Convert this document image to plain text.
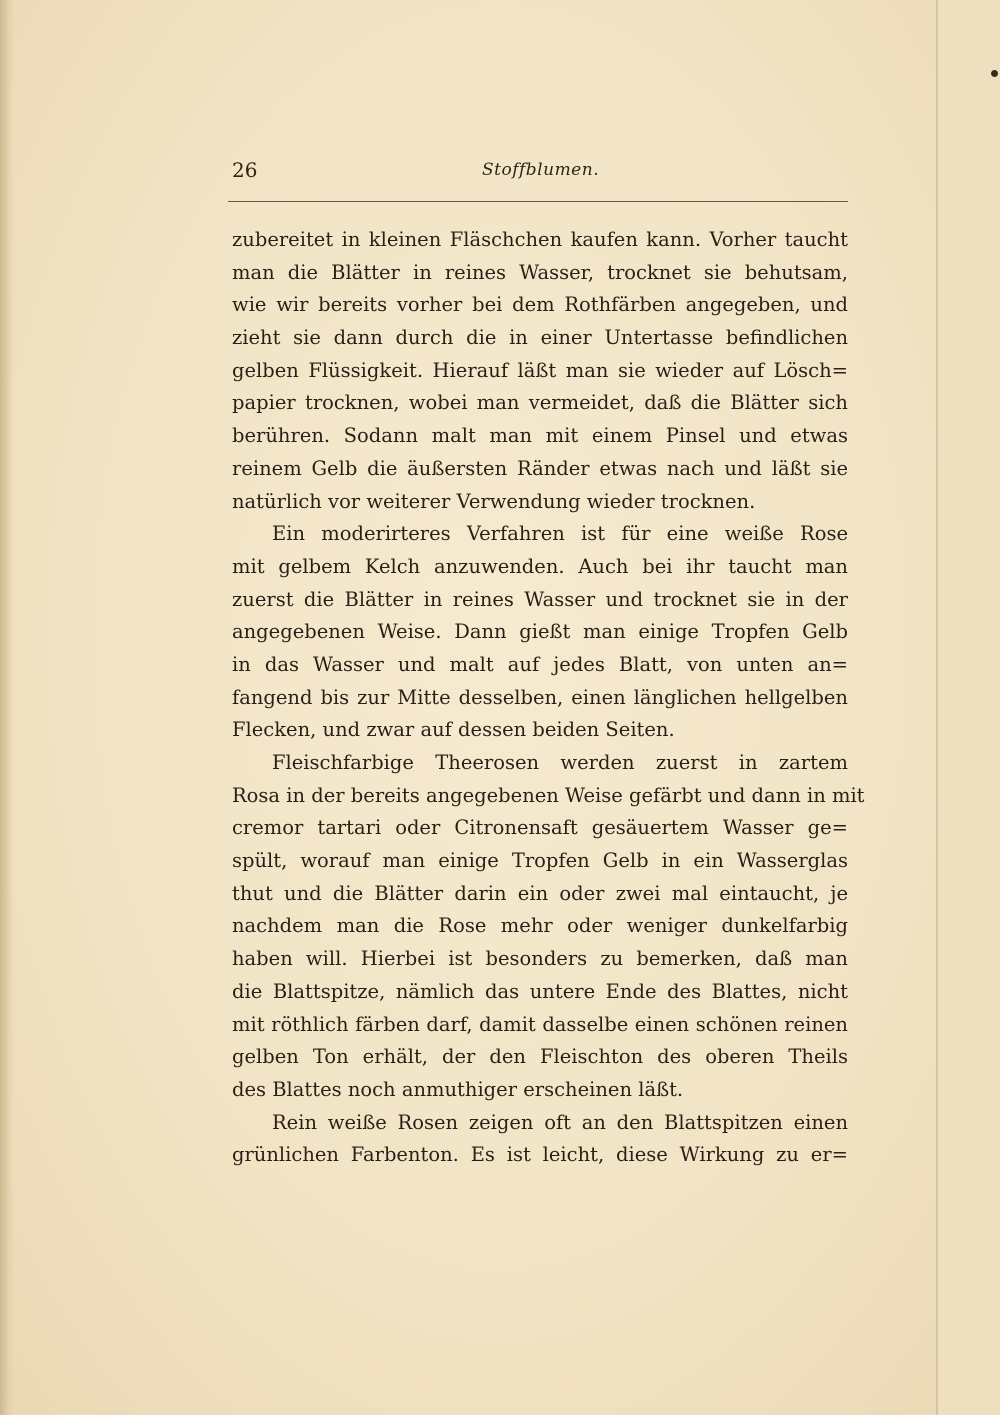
26	Stoffblumen.
zubereitet in kleinen Fläschchen kaufen kann. Vorher taucht
man die Blätter in reines Wasser, trocknet sie behutsam,
wie wir bereits vorher bei dem Rothfärben angegeben, und
zieht sie dann durch die in einer Untertasse befindlichen
gelben Flüssigkeit. Hierauf läßt man sie wieder auf Lösch=
papier trocknen, wobei man vermeidet, daß die Blätter sich
berühren. Sodann malt man mit einem Pinsel und etwas
reinem Gelb die äußersten Ränder etwas nach und läßt sie
natürlich vor weiterer Verwendung wieder trocknen.
Ein moderirteres Verfahren ist für eine weiße Rose
mit gelbem Kelch anzuwenden. Auch bei ihr taucht man
zuerst die Blätter in reines Wasser und trocknet sie in der
angegebenen Weise. Dann gießt man einige Tropfen Gelb
in das Wasser und malt auf jedes Blatt, von unten an=
fangend bis zur Mitte desselben, einen länglichen hellgelben
Flecken, und zwar auf dessen beiden Seiten.
Fleischfarbige Theerosen werden zuerst in zartem
Rosa in der bereits angegebenen Weise gefärbt und dann in mit
cremor tartari oder Citronensaft gesäuertem Wasser ge=
spült, worauf man einige Tropfen Gelb in ein Wasserglas
thut und die Blätter darin ein oder zwei mal eintaucht, je
nachdem man die Rose mehr oder weniger dunkelfarbig
haben will. Hierbei ist besonders zu bemerken, daß man
die Blattspitze, nämlich das untere Ende des Blattes, nicht
mit röthlich färben darf, damit dasselbe einen schönen reinen
gelben Ton erhält, der den Fleischton des oberen Theils
des Blattes noch anmuthiger erscheinen läßt.
Rein weiße Rosen zeigen oft an den Blattspitzen einen
grünlichen Farbenton. Es ist leicht, diese Wirkung zu er=
